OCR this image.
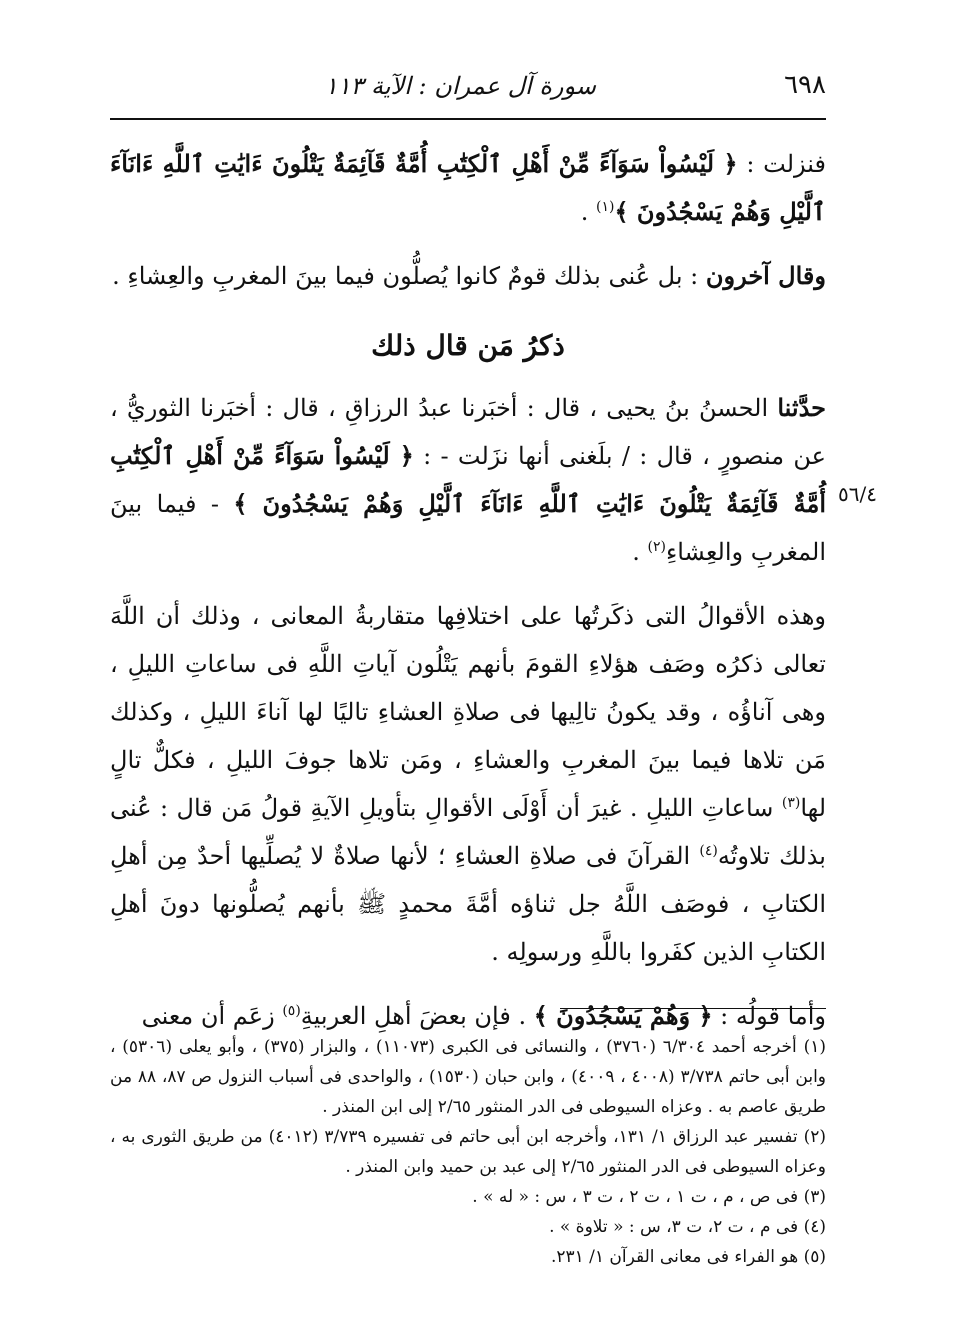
٦٩٨
سورة آل عمران : الآية ١١٣

فنزلت : ﴿ لَيْسُواْ سَوَآءً مِّنْ أَهْلِ ٱلْكِتَٰبِ أُمَّةٌ قَآئِمَةٌ يَتْلُونَ ءَايَٰتِ ٱللَّهِ ءَانَآءَ ٱلَّيْلِ وَهُمْ يَسْجُدُونَ ﴾$^{(١)}$ .

وقال آخرون : بل عُنى بذلك قومٌ كانوا يُصلُّون فيما بينَ المغربِ والعِشاءِ .

ذكرُ مَن قال ذلك

حدَّثنا الحسنُ بنُ يحيى ، قال : أخبَرنا عبدُ الرزاقِ ، قال : أخبَرنا الثوريُّ ، عن منصورٍ ، قال : / بلَغنى أنها نزَلت - : ﴿ لَيْسُواْ سَوَآءً مِّنْ أَهْلِ ٱلْكِتَٰبِ أُمَّةٌ قَآئِمَةٌ يَتْلُونَ ءَايَٰتِ ٱللَّهِ ءَانَآءَ ٱلَّيْلِ وَهُمْ يَسْجُدُونَ ﴾ - فيما بينَ المغربِ والعِشاءِ$^{(٢)}$ .

وهذه الأقوالُ التى ذكَرتُها على اختلافِها متقاربةُ المعانى ، وذلك أن اللَّهَ تعالى ذكرُه وصَف هؤلاءِ القومَ بأنهم يَتْلُون آياتِ اللَّهِ فى ساعاتِ الليلِ ، وهى آناؤُه ، وقد يكونُ تالِيها فى صلاةِ العشاءِ تاليًا لها آناءَ الليلِ ، وكذلك مَن تلاها فيما بينَ المغربِ والعشاءِ ، ومَن تلاها جوفَ الليلِ ، فكلٌّ تالٍ لها$^{(٣)}$ ساعاتِ الليلِ . غيرَ أن أَوْلَى الأقوالِ بتأويلِ الآيةِ قولُ مَن قال : عُنى بذلك تلاوتُه$^{(٤)}$ القرآنَ فى صلاةِ العشاءِ ؛ لأنها صلاةٌ لا يُصلِّيها أحدٌ مِن أهلِ الكتابِ ، فوصَف اللَّهُ جل ثناؤه أمَّةَ محمدٍ ﷺ بأنهم يُصلُّونها دونَ أهلِ الكتابِ الذين كفَروا باللَّهِ ورسولِه .

وأما قولُه : ﴿ وَهُمْ يَسْجُدُونَ ﴾ . فإن بعضَ أهلِ العربيةِ$^{(٥)}$ زعَم أن معنى

٥٦/٤

(١) أخرجه أحمد ٦/٣٠٤ (٣٧٦٠) ، والنسائى فى الكبرى (١١٠٧٣) ، والبزار (٣٧٥) ، وأبو يعلى (٥٣٠٦) ، وابن أبى حاتم ٣/٧٣٨ (٤٠٠٨ ، ٤٠٠٩) ، وابن حبان (١٥٣٠) ، والواحدى فى أسباب النزول ص ٨٧، ٨٨ من طريق عاصم به . وعزاه السيوطى فى الدر المنثور ٢/٦٥ إلى ابن المنذر .

(٢) تفسير عبد الرزاق ١/ ١٣١، وأخرجه ابن أبى حاتم فى تفسيره ٣/٧٣٩ (٤٠١٢) من طريق الثورى به ، وعزاه السيوطى فى الدر المنثور ٢/٦٥ إلى عبد بن حميد وابن المنذر .

(٣) فى ص ، م ، ت ١ ، ت ٢ ، ت ٣ ، س : « له » .

(٤) فى م ، ت ٢، ت ٣، س : « تلاوة » .

(٥) هو الفراء فى معانى القرآن ١/ ٢٣١.
